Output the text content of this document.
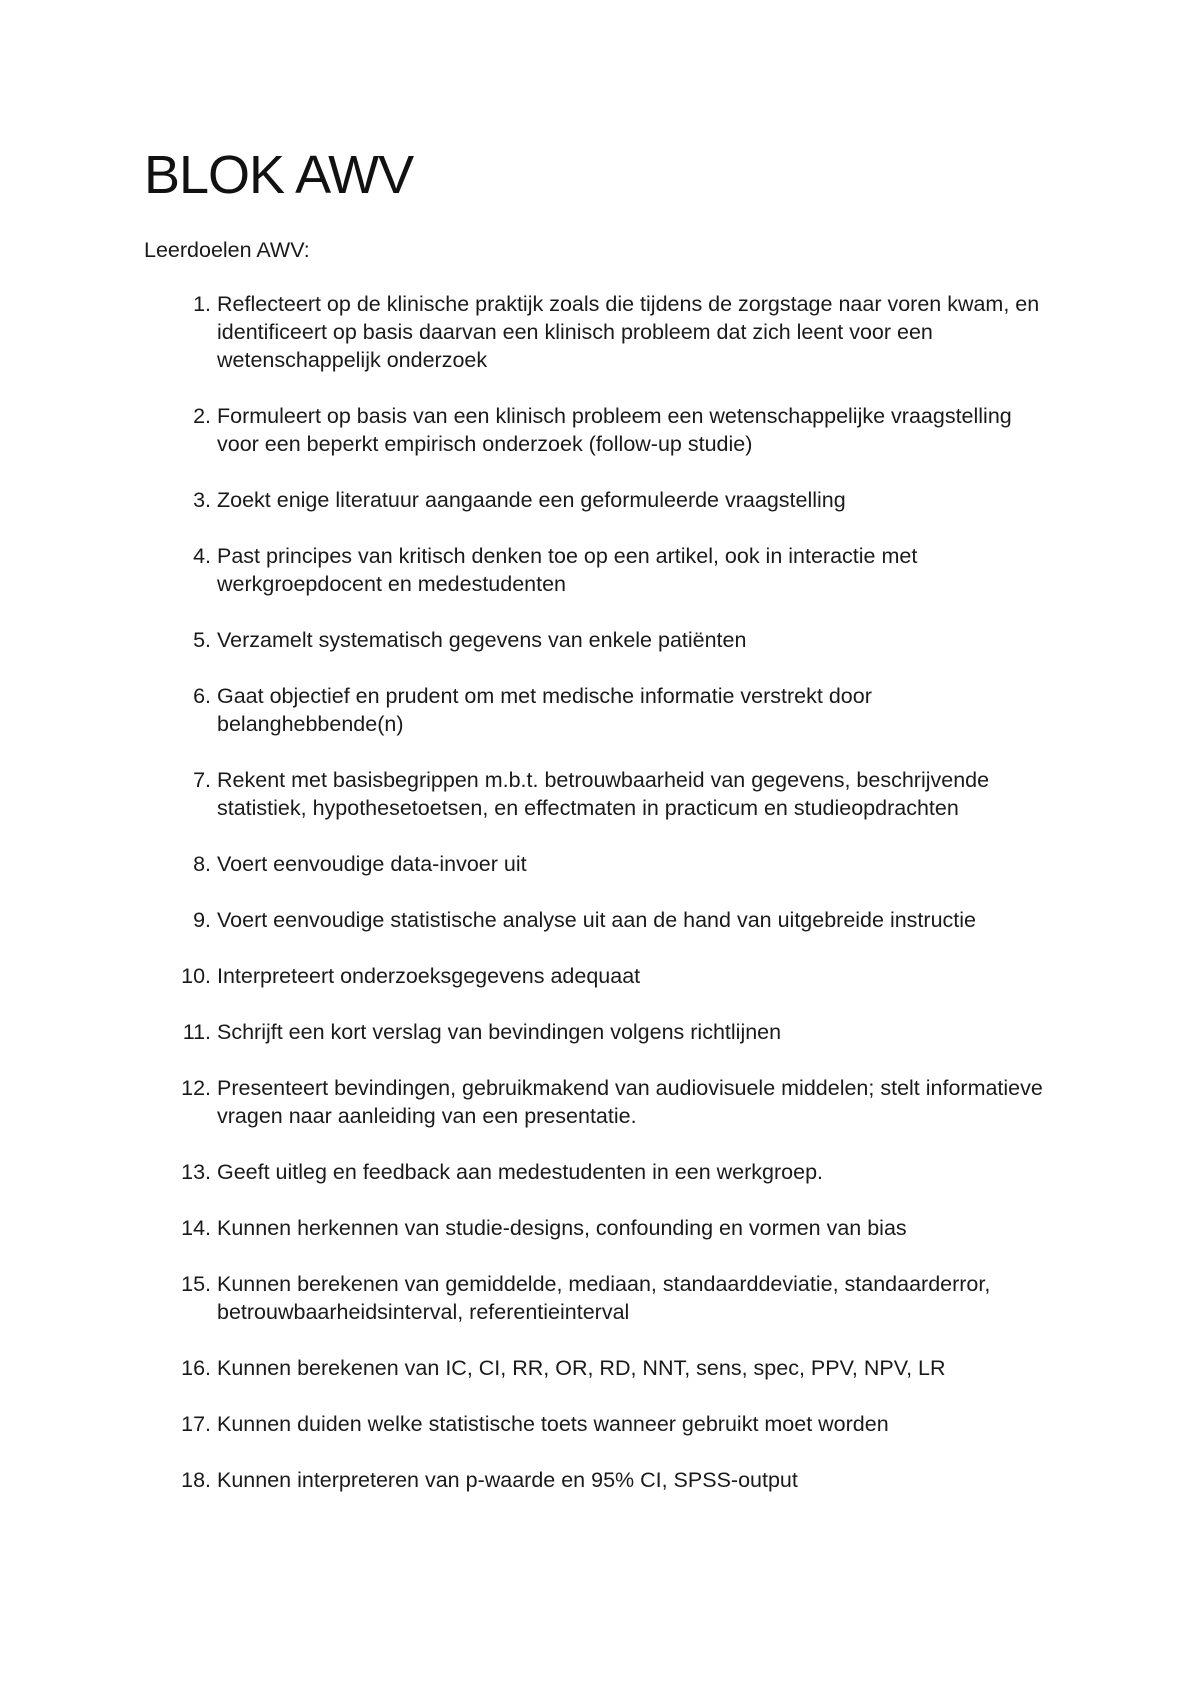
BLOK AWV

Leerdoelen AWV:

1. Reflecteert op de klinische praktijk zoals die tijdens de zorgstage naar voren kwam, en identificeert op basis daarvan een klinisch probleem dat zich leent voor een wetenschappelijk onderzoek
2. Formuleert op basis van een klinisch probleem een wetenschappelijke vraagstelling voor een beperkt empirisch onderzoek (follow-up studie)
3. Zoekt enige literatuur aangaande een geformuleerde vraagstelling
4. Past principes van kritisch denken toe op een artikel, ook in interactie met werkgroepdocent en medestudenten
5. Verzamelt systematisch gegevens van enkele patiënten
6. Gaat objectief en prudent om met medische informatie verstrekt door belanghebbende(n)
7. Rekent met basisbegrippen m.b.t. betrouwbaarheid van gegevens, beschrijvende statistiek, hypothesetoetsen, en effectmaten in practicum en studieopdrachten
8. Voert eenvoudige data-invoer uit
9. Voert eenvoudige statistische analyse uit aan de hand van uitgebreide instructie
10. Interpreteert onderzoeksgegevens adequaat
11. Schrijft een kort verslag van bevindingen volgens richtlijnen
12. Presenteert bevindingen, gebruikmakend van audiovisuele middelen; stelt informatieve vragen naar aanleiding van een presentatie.
13. Geeft uitleg en feedback aan medestudenten in een werkgroep.
14. Kunnen herkennen van studie-designs, confounding en vormen van bias
15. Kunnen berekenen van gemiddelde, mediaan, standaarddeviatie, standaarderror, betrouwbaarheidsinterval, referentieinterval
16. Kunnen berekenen van IC, CI, RR, OR, RD, NNT, sens, spec, PPV, NPV, LR
17. Kunnen duiden welke statistische toets wanneer gebruikt moet worden
18. Kunnen interpreteren van p-waarde en 95% CI, SPSS-output
